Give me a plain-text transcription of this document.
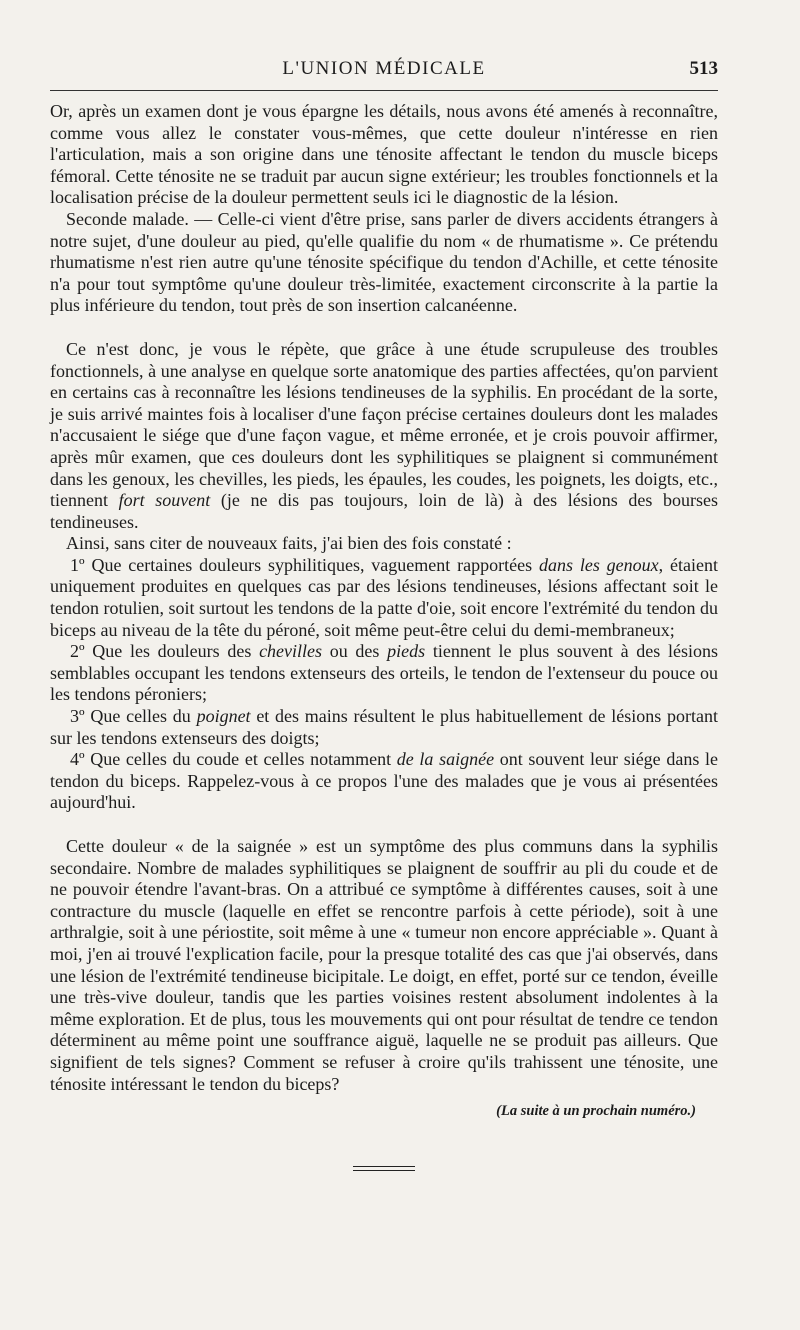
L'UNION MÉDICALE	513

Or, après un examen dont je vous épargne les détails, nous avons été amenés à reconnaître, comme vous allez le constater vous-mêmes, que cette douleur n'intéresse en rien l'articulation, mais a son origine dans une ténosite affectant le tendon du muscle biceps fémoral. Cette ténosite ne se traduit par aucun signe extérieur; les troubles fonctionnels et la localisation précise de la douleur permettent seuls ici le diagnostic de la lésion.

Seconde malade. — Celle-ci vient d'être prise, sans parler de divers accidents étrangers à notre sujet, d'une douleur au pied, qu'elle qualifie du nom « de rhumatisme ». Ce prétendu rhumatisme n'est rien autre qu'une ténosite spécifique du tendon d'Achille, et cette ténosite n'a pour tout symptôme qu'une douleur très-limitée, exactement circonscrite à la partie la plus inférieure du tendon, tout près de son insertion calcanéenne.

Ce n'est donc, je vous le répète, que grâce à une étude scrupuleuse des troubles fonctionnels, à une analyse en quelque sorte anatomique des parties affectées, qu'on parvient en certains cas à reconnaître les lésions tendineuses de la syphilis. En procédant de la sorte, je suis arrivé maintes fois à localiser d'une façon précise certaines douleurs dont les malades n'accusaient le siége que d'une façon vague, et même erronée, et je crois pouvoir affirmer, après mûr examen, que ces douleurs dont les syphilitiques se plaignent si communément dans les genoux, les chevilles, les pieds, les épaules, les coudes, les poignets, les doigts, etc., tiennent fort souvent (je ne dis pas toujours, loin de là) à des lésions des bourses tendineuses.

Ainsi, sans citer de nouveaux faits, j'ai bien des fois constaté :

1º Que certaines douleurs syphilitiques, vaguement rapportées dans les genoux, étaient uniquement produites en quelques cas par des lésions tendineuses, lésions affectant soit le tendon rotulien, soit surtout les tendons de la patte d'oie, soit encore l'extrémité du tendon du biceps au niveau de la tête du péroné, soit même peut-être celui du demi-membraneux;

2º Que les douleurs des chevilles ou des pieds tiennent le plus souvent à des lésions semblables occupant les tendons extenseurs des orteils, le tendon de l'extenseur du pouce ou les tendons péroniers;

3º Que celles du poignet et des mains résultent le plus habituellement de lésions portant sur les tendons extenseurs des doigts;

4º Que celles du coude et celles notamment de la saignée ont souvent leur siége dans le tendon du biceps. Rappelez-vous à ce propos l'une des malades que je vous ai présentées aujourd'hui.

Cette douleur « de la saignée » est un symptôme des plus communs dans la syphilis secondaire. Nombre de malades syphilitiques se plaignent de souffrir au pli du coude et de ne pouvoir étendre l'avant-bras. On a attribué ce symptôme à différentes causes, soit à une contracture du muscle (laquelle en effet se rencontre parfois à cette période), soit à une arthralgie, soit à une périostite, soit même à une « tumeur non encore appréciable ». Quant à moi, j'en ai trouvé l'explication facile, pour la presque totalité des cas que j'ai observés, dans une lésion de l'extrémité tendineuse bicipitale. Le doigt, en effet, porté sur ce tendon, éveille une très-vive douleur, tandis que les parties voisines restent absolument indolentes à la même exploration. Et de plus, tous les mouvements qui ont pour résultat de tendre ce tendon déterminent au même point une souffrance aiguë, laquelle ne se produit pas ailleurs. Que signifient de tels signes? Comment se refuser à croire qu'ils trahissent une ténosite, une ténosite intéressant le tendon du biceps?

(La suite à un prochain numéro.)
